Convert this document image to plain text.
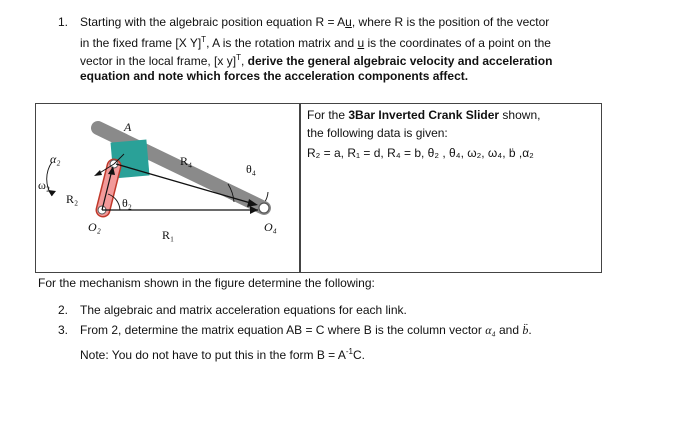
1. Starting with the algebraic position equation R = Au, where R is the position of the vector
in the fixed frame [X Y]$^T$, A is the rotation matrix and u is the coordinates of a point on the
vector in the local frame, [x y]$^T$, derive the general algebraic velocity and acceleration
equation and note which forces the acceleration components affect.
A
R₄
θ₄
α₂
ω₂
R₂	θ₂
O₂
R₁
O₄
For the 3Bar Inverted Crank Slider shown,
the following data is given:
R₂ = a, R₁ = d, R₄ = b, θ₂ , θ₄, ω₂, ω₄, ḃ ,α₂
For the mechanism shown in the figure determine the following:
2. The algebraic and matrix acceleration equations for each link.
3. From 2, determine the matrix equation AB = C where B is the column vector α₄ and b̈.
Note: You do not have to put this in the form $B = A^{-1}C$.
